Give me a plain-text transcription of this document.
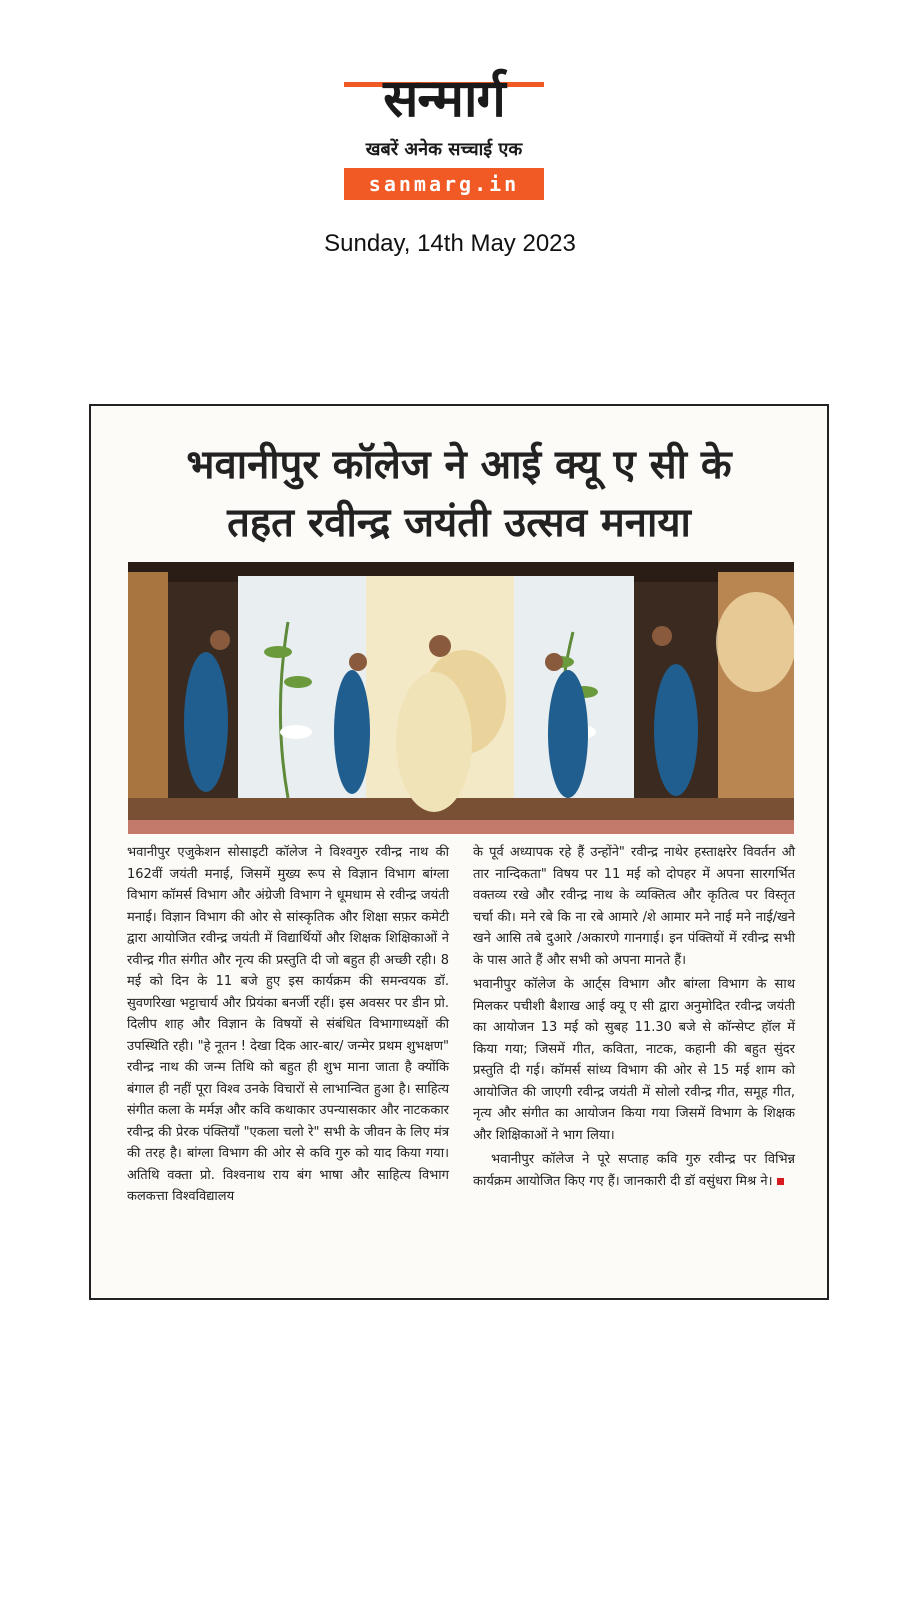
सन्मार्ग
खबरें अनेक सच्चाई एक
sanmarg.in
Sunday, 14th May 2023
भवानीपुर कॉलेज ने आई क्यू ए सी के
तहत रवीन्द्र जयंती उत्सव मनाया

भवानीपुर एजुकेशन सोसाइटी कॉलेज ने विश्वगुरु रवीन्द्र नाथ की 162वीं जयंती मनाई, जिसमें मुख्य रूप से विज्ञान विभाग बांग्ला विभाग कॉमर्स विभाग और अंग्रेजी विभाग ने धूमधाम से रवीन्द्र जयंती मनाई। विज्ञान विभाग की ओर से सांस्कृतिक और शिक्षा सफ़र कमेटी द्वारा आयोजित रवीन्द्र जयंती में विद्यार्थियों और शिक्षक शिक्षिकाओं ने रवीन्द्र गीत संगीत और नृत्य की प्रस्तुति दी जो बहुत ही अच्छी रही। 8 मई को दिन के 11 बजे हुए इस कार्यक्रम की समन्वयक डॉ. सुवणरिखा भट्टाचार्य और प्रियंका बनर्जी रहीं। इस अवसर पर डीन प्रो. दिलीप शाह और विज्ञान के विषयों से संबंधित विभागाध्यक्षों की उपस्थिति रही। "हे नूतन ! देखा दिक आर-बार/ जन्मेर प्रथम शुभक्षण" रवीन्द्र नाथ की जन्म तिथि को बहुत ही शुभ माना जाता है क्योंकि बंगाल ही नहीं पूरा विश्व उनके विचारों से लाभान्वित हुआ है। साहित्य संगीत कला के मर्मज्ञ और कवि कथाकार उपन्यासकार और नाटककार रवीन्द्र की प्रेरक पंक्तियाँ "एकला चलो रे" सभी के जीवन के लिए मंत्र की तरह है। बांग्ला विभाग की ओर से कवि गुरु को याद किया गया। अतिथि वक्ता प्रो. विश्वनाथ राय बंग भाषा और साहित्य विभाग कलकत्ता विश्वविद्यालय

के पूर्व अध्यापक रहे हैं उन्होंने" रवीन्द्र नाथेर हस्ताक्षरेर विवर्तन औ तार नान्दिकता" विषय पर 11 मई को दोपहर में अपना सारगर्भित वक्तव्य रखे और रवीन्द्र नाथ के व्यक्तित्व और कृतित्व पर विस्तृत चर्चा की। मने रबे कि ना रबे आमारे /शे आमार मने नाई मने नाई/खने खने आसि तबे दुआरे /अकारणे गानगाई। इन पंक्तियों में रवीन्द्र सभी के पास आते हैं और सभी को अपना मानते हैं।

भवानीपुर कॉलेज के आर्ट्स विभाग और बांग्ला विभाग के साथ मिलकर पचीशी बैशाख आई क्यू ए सी द्वारा अनुमोदित रवीन्द्र जयंती का आयोजन 13 मई को सुबह 11.30 बजे से कॉन्सेप्ट हॉल में किया गया; जिसमें गीत, कविता, नाटक, कहानी की बहुत सुंदर प्रस्तुति दी गई। कॉमर्स सांध्य विभाग की ओर से 15 मई शाम को आयोजित की जाएगी रवीन्द्र जयंती में सोलो रवीन्द्र गीत, समूह गीत, नृत्य और संगीत का आयोजन किया गया जिसमें विभाग के शिक्षक और शिक्षिकाओं ने भाग लिया।

भवानीपुर कॉलेज ने पूरे सप्ताह कवि गुरु रवीन्द्र पर विभिन्न कार्यक्रम आयोजित किए गए हैं। जानकारी दी डॉ वसुंधरा मिश्र ने।
